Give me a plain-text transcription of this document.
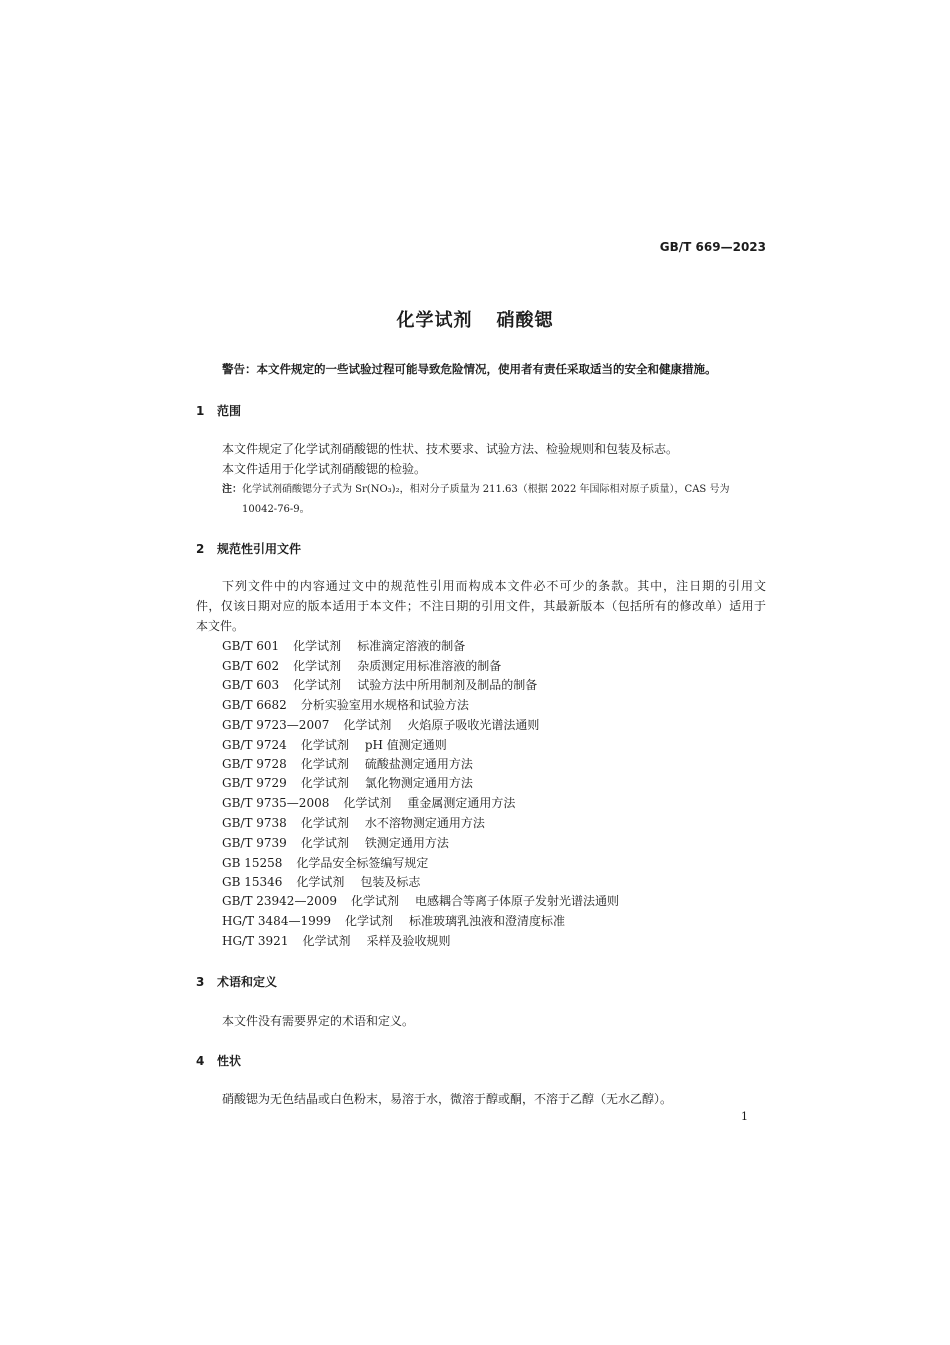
GB/T 669—2023
化学试剂 硝酸锶
警告：本文件规定的一些试验过程可能导致危险情况，使用者有责任采取适当的安全和健康措施。
1 范围
本文件规定了化学试剂硝酸锶的性状、技术要求、试验方法、检验规则和包装及标志。
本文件适用于化学试剂硝酸锶的检验。
注：化学试剂硝酸锶分子式为 Sr(NO₃)₂，相对分子质量为 211.63（根据 2022 年国际相对原子质量），CAS 号为
10042-76-9。
2 规范性引用文件
下列文件中的内容通过文中的规范性引用而构成本文件必不可少的条款。其中，注日期的引用文
件，仅该日期对应的版本适用于本文件；不注日期的引用文件，其最新版本（包括所有的修改单）适用于
本文件。
GB/T 601 化学试剂 标准滴定溶液的制备
GB/T 602 化学试剂 杂质测定用标准溶液的制备
GB/T 603 化学试剂 试验方法中所用制剂及制品的制备
GB/T 6682 分析实验室用水规格和试验方法
GB/T 9723—2007 化学试剂 火焰原子吸收光谱法通则
GB/T 9724 化学试剂 pH 值测定通则
GB/T 9728 化学试剂 硫酸盐测定通用方法
GB/T 9729 化学试剂 氯化物测定通用方法
GB/T 9735—2008 化学试剂 重金属测定通用方法
GB/T 9738 化学试剂 水不溶物测定通用方法
GB/T 9739 化学试剂 铁测定通用方法
GB 15258 化学品安全标签编写规定
GB 15346 化学试剂 包装及标志
GB/T 23942—2009 化学试剂 电感耦合等离子体原子发射光谱法通则
HG/T 3484—1999 化学试剂 标准玻璃乳浊液和澄清度标准
HG/T 3921 化学试剂 采样及验收规则
3 术语和定义
本文件没有需要界定的术语和定义。
4 性状
硝酸锶为无色结晶或白色粉末，易溶于水，微溶于醇或酮，不溶于乙醇（无水乙醇）。
1
